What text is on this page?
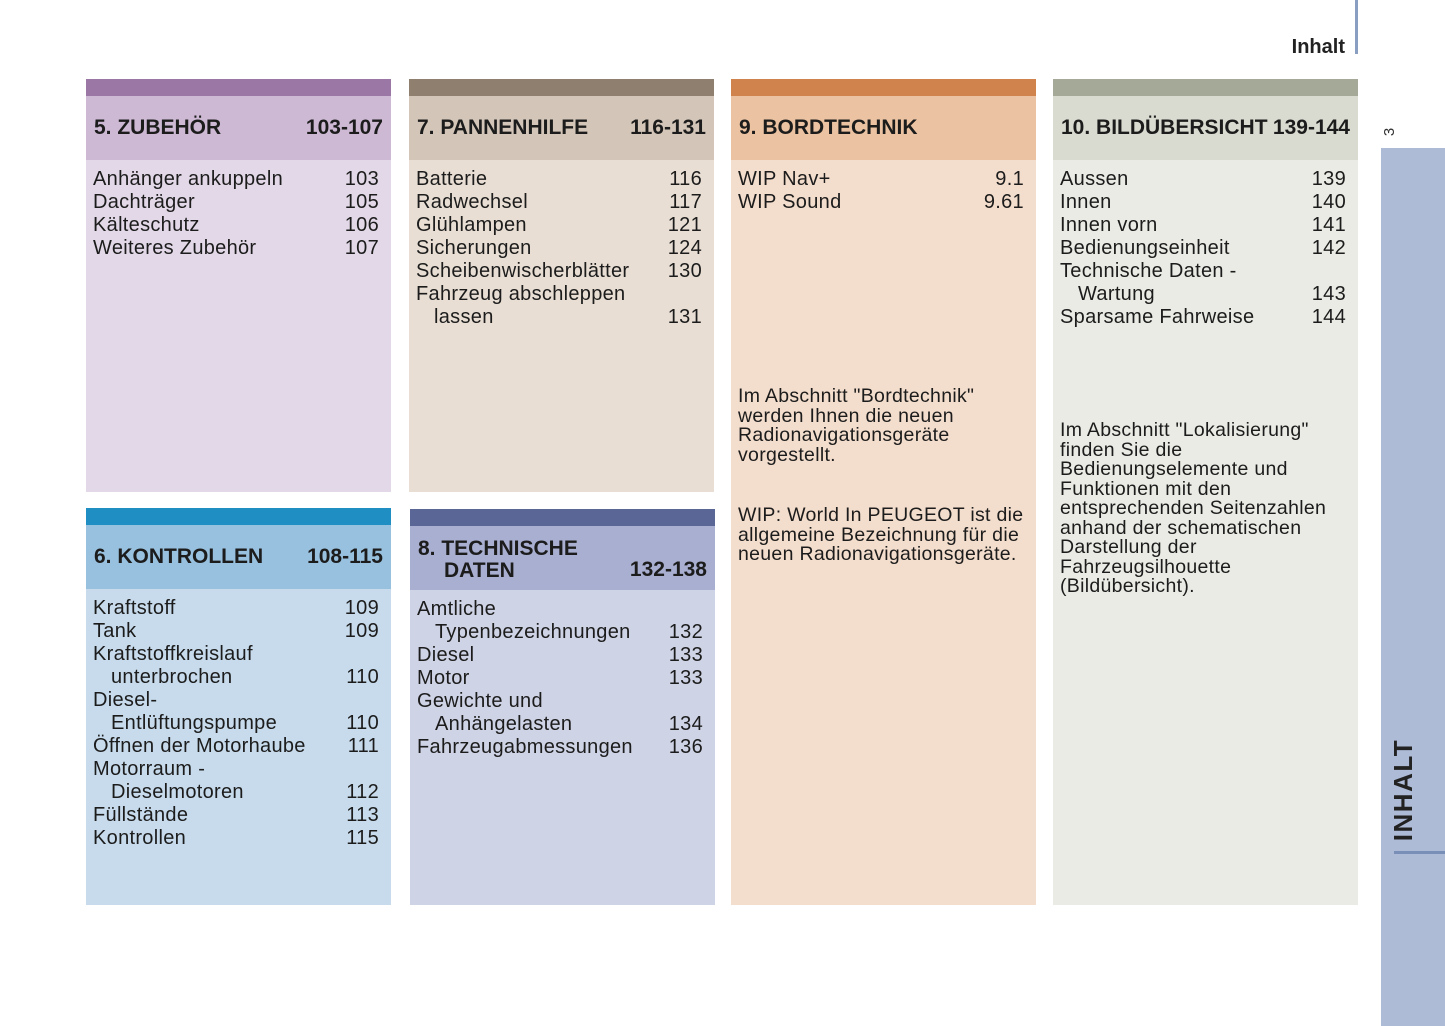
Inhalt
5. ZUBEHÖR	103-107
Anhänger ankuppeln	103
Dachträger	105
Kälteschutz	106
Weiteres Zubehör	107
7. PANNENHILFE	116-131
Batterie	116
Radwechsel	117
Glühlampen	121
Sicherungen	124
Scheibenwischerblätter 130
Fahrzeug abschleppen
lassen	131
9. BORDTECHNIK
WIP Nav+	9.1
WIP Sound	9.61
Im Abschnitt "Bordtechnik" werden Ihnen die neuen Radionavigationsgeräte vorgestellt.
WIP: World In PEUGEOT ist die allgemeine Bezeichnung für die neuen Radionavigationsgeräte.
10. BILDÜBERSICHT 139-144
Aussen	139
Innen	140
Innen vorn	141
Bedienungseinheit	142
Technische Daten -
Wartung	143
Sparsame Fahrweise	144
Im Abschnitt "Lokalisierung" finden Sie die Bedienungselemente und Funktionen mit den entsprechenden Seitenzahlen anhand der schematischen Darstellung der Fahrzeugsilhouette (Bildübersicht).
6. KONTROLLEN	108-115
Kraftstoff	109
Tank	109
Kraftstoffkreislauf
unterbrochen	110
Diesel-
Entlüftungspumpe	110
Öffnen der Motorhaube 111
Motorraum -
Dieselmotoren	112
Füllstände	113
Kontrollen	115
8. TECHNISCHE
DATEN	132-138
Amtliche
Typenbezeichnungen 132
Diesel	133
Motor	133
Gewichte und
Anhängelasten	134
Fahrzeugabmessungen 136
3
INHALT
